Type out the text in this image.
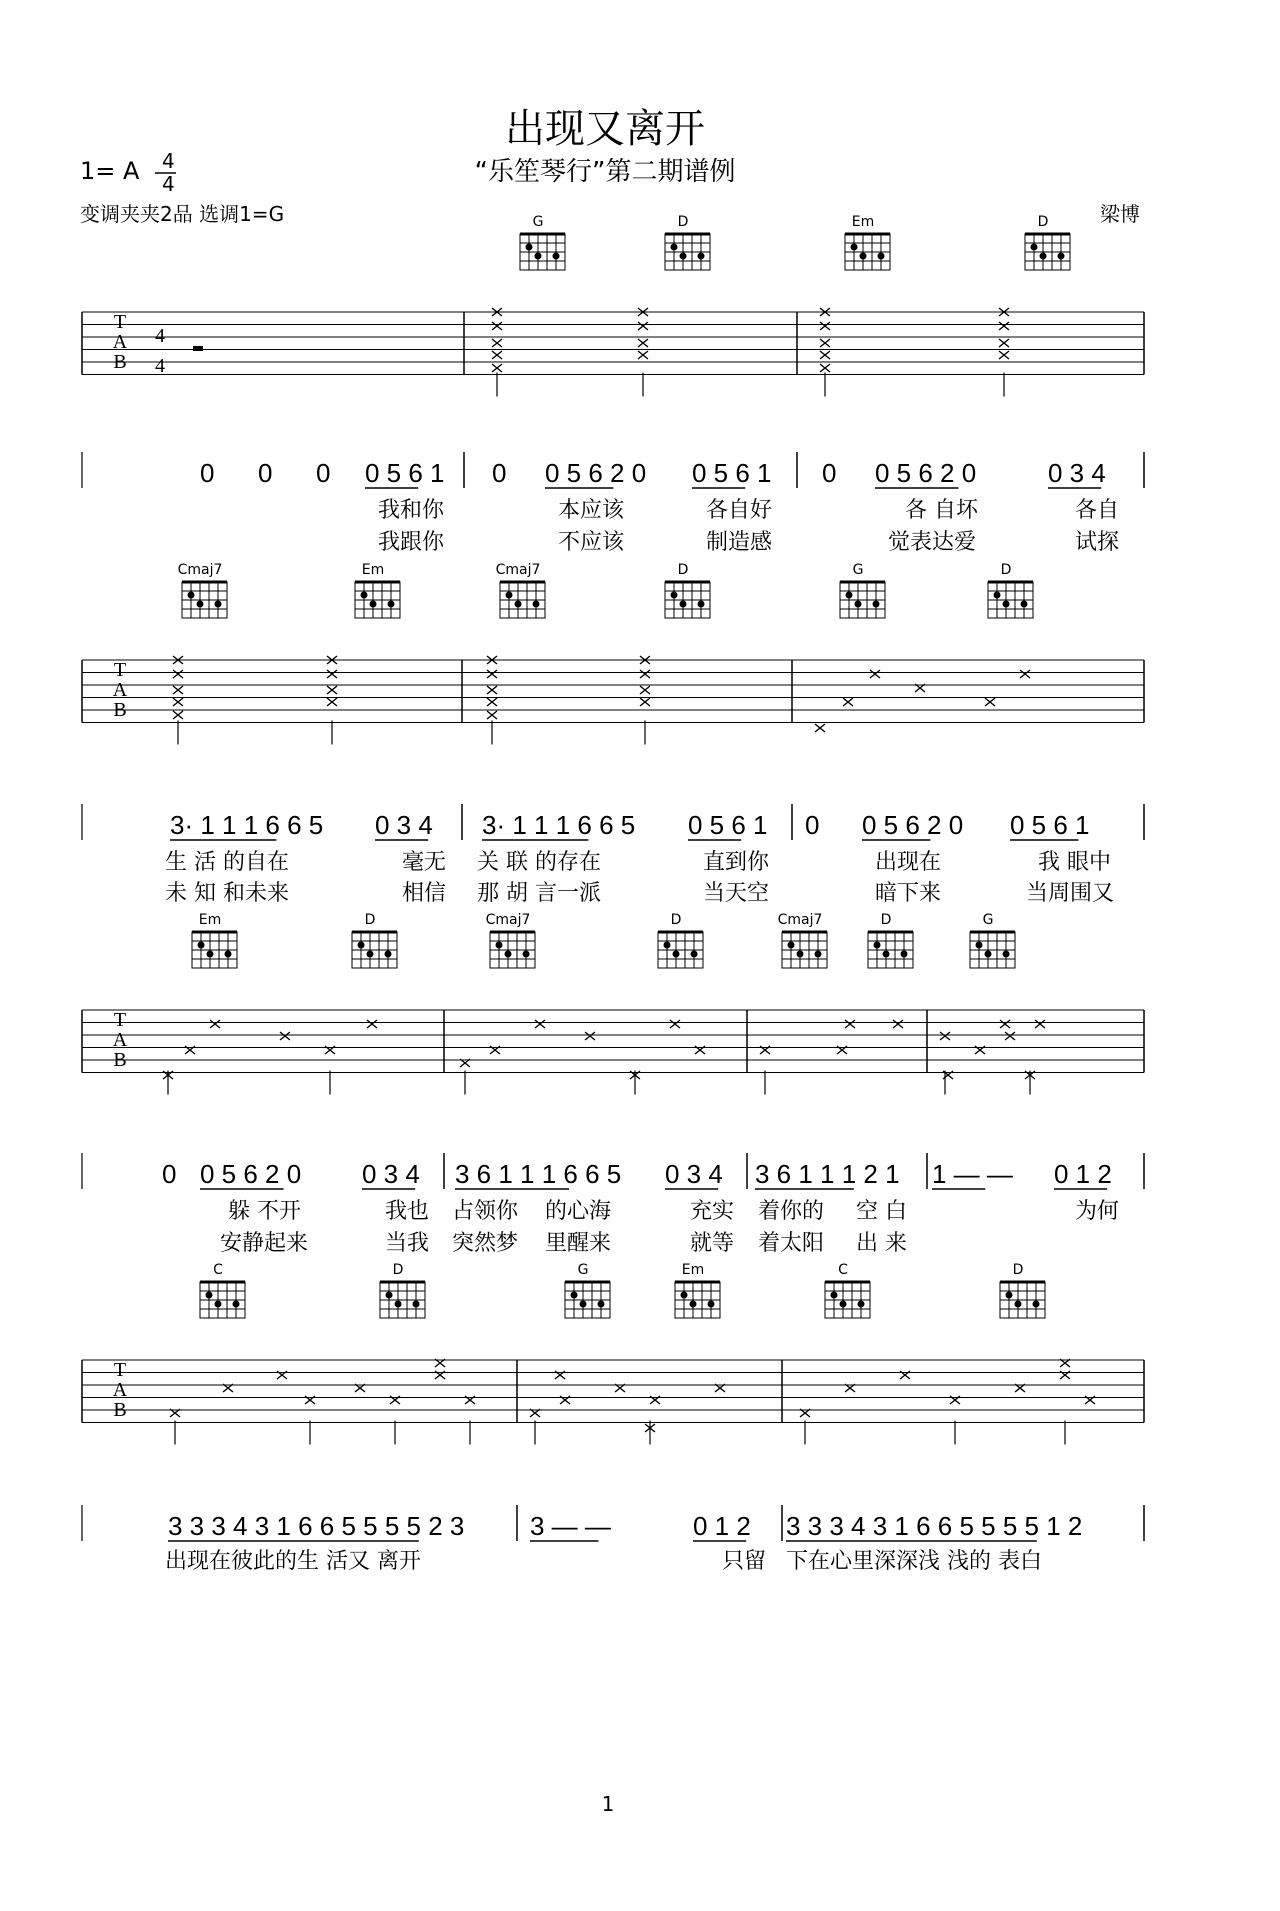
出现又离开
1= A 4
4	“乐笙琴行”第二期谱例
变调夹夹2品 选调1=G	梁博
G	D	Em	D
T
A
B
4
4
0 0 0 0 5 6 1 0 0 5 6 2 0 0 5 6 1 0 0 5 6 2 0	0 3 4
我和你	本应该	各自好	各 自坏	各自
我跟你	不应该	制造感	觉表达爱	试探
Cmaj7	Em	Cmaj7	D	G	D
T
A
B
3· 1 1 1 6 6 5 0 3 4 3· 1 1 1 6 6 5 0 5 6 1 0 0 5 6 2 0 0 5 6 1
生 活 的自在	毫无 关 联 的存在	直到你	出现在	我 眼中
未 知 和未来	相信 那 胡 言一派	当天空	暗下来	当周围又
Em	D	Cmaj7	D	Cmaj7	D	G
T
A
B
0 0 5 6 2 0 0 3 4 3 6 1 1 1 6 6 5 0 3 4 3 6 1 1 1 2 1 1 — — 0 1 2
躲 不开	我也 占领你 的心海	充实 着你的 空 白	为何
安静起来	当我 突然梦 里醒来	就等 着太阳 出 来
C	D	G	Em	C	D
T
A
B
3 3 3 4 3 1 6 6 5 5 5 5 2 3	3 — —	0 1 2 3 3 3 4 3 1 6 6 5 5 5 5 1 2
出现在彼此的生 活又 离开	只留 下在心里深深浅 浅的 表白
1
